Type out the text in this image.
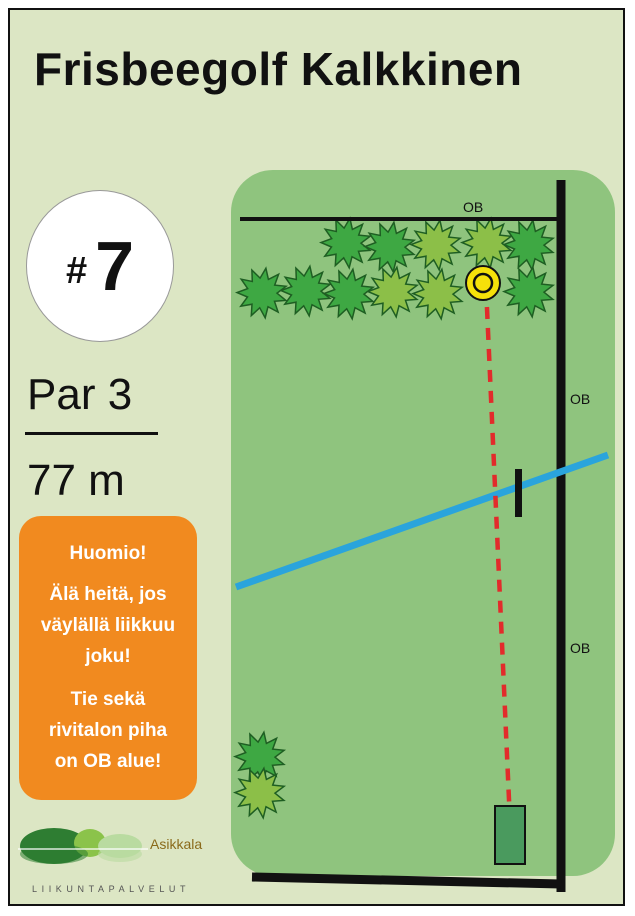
Frisbeegolf Kalkkinen
# 7
Par 3
77 m
Huomio!
Älä heitä, jos
väylällä liikkuu
joku!
Tie sekä
rivitalon piha
on OB alue!
OB
OB
OB
Asikkala
LIIKUNTAPALVELUT
